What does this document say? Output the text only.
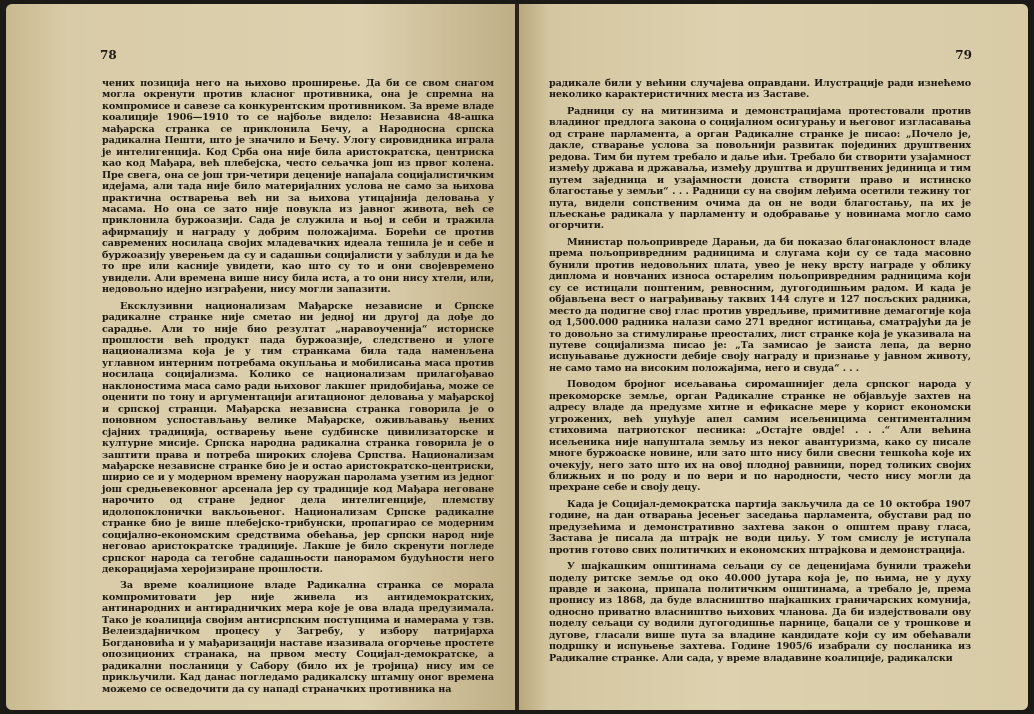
78

чених позиција него на њихово проширење. Да би се свом снагом могла окренути против класног противника, она је спремна на компромисе и савезе са конкурентским противником. За време владе коалиције 1906—1910 то се најбоље видело: Независна 48-ашка мађарска странка се приклонила Бечу, а Народносна српска радикална Пешти, што је значило и Бечу. Улогу сировидника играла је интелигенција. Код Срба она није била аристократска, центриска као код Мађара, већ плебејска, често сељачка још из првог колена. Пре свега, она се још три-четири деценије напајала социјалистичким идејама, али тада није било материјалних услова не само за њихова практична остварења већ ни за њихова утицајнија деловања у масама. Но она се зато није повукла из јавног живота, већ се приклонила буржоазији. Сада је служила и њој и себи и тражила афирмацију и награду у добрим положајима. Борећи се против савремених носилаца својих младевачких идеала тешила је и себе и буржоазију уверењем да су и садашњи социјалисти у заблуди и да ће то пре или касније увидети, као што су то и они својевремено увидели. Али времена више нису била иста, а то они нису хтели, или, недовољно идејно изграђени, нису могли запазити.

Ексклузивни национализам Мађарске независне и Српске радикалне странке није сметао ни једној ни другој да дође до сарадње. Али то није био резултат „наравоученија“ историске прошлости већ продукт пада буржоазије, следствено и улоге национализма која је у тим странкама била тада наменљена углавном интерним потребама окупљања и мобилисања маса против носилаца социјализма. Колико се национализам прилагођавао наклоностима маса само ради њиховог лакшег придобијања, може се оценити по тону и аргументацији агитационог деловања у мађарској и српској странци. Мађарска независна странка говорила је о поновном успостављању велике Мађарске, оживљавању њених сјајних традиција, остварењу њене судбинске цивилизаторске и културне мисије. Српска народна радикална странка говорила је о заштити права и потреба широких слојева Српства. Национализам мађарске независне странке био је и остао аристократско-центриски, шириo се и у модерном времену наоружан паролама узетим из једног још средњевековног арсенала јер су традиције код Мађара неговане нарочито од стране једног дела интелигенције, племству идолопоклонички вакљоњеног. Национализам Српске радикалне странке био је више плебејско-трибунски, пропагирао се модерним социјално-економским средствима обећања, јер српски народ није неговао аристократске традиције. Лакше је било скренути погледе српског народа са тегобне садашњости панорамом будућности него декорацијама херојизиране прошлости.

За време коалиционе владе Радикална странка се морала компромитовати јер није живела из антидемократских, антинародних и антирадничких мера које је ова влада предузимала. Тако је коалиција својим антисрпским поступцима и намерама у тзв. Велеиздајничком процесу у Загребу, у избору патријарха Богдановића и у мађаризацији наставе изазивала огорчење простете опозиционих странака, на првом месту Социјал-демократске, а радикални посланици у Сабору (било их је тројица) нису им се прикључили. Кад данас погледамо радикалску штампу оног времена можемо се осведочити да су нападi странaчких противника на

79

радикале били у већини случајева оправдани. Илустрације ради изнећемо неколико карактеристичних места из Заставе.

Радници су на митинзима и демонстрацијама протестовали против владиног предлога закона о социјалном осигурању и његовог изгласавања од стране парламента, а орган Радикалне странке је писао: „Почело је, дакле, стварање услова за повољнији развитак појединих друштвених редова. Тим би путем требало и даље ићи. Требало би створити узајамност између држава и државаља, између друштва и друштвених јединица и тим путем заједница и узајамности доиста створити право и истинско благостање у земљи“ . . . Радници су на својим леђима осетили тежину тог пута, видели сопственим очима да он не води благостању, па их је пљескање радикала у парламенту и одобравање у новинама могло само огорчити.

Министар пољопривреде Дарањи, да би показао благонаклоност владе према пољопривредним радницима и слугама који су се тада масовно бунили против недовољних плата, увео је неку врсту награде у облику диплома и новчаних износа остарелим пољопривредним радницима који су се истицали поштеним, ревносним, дугогодишњим радом. И када је објављена вест о награђивању таквих 144 слуге и 127 посљских радника, место да подигне свој глас против увредљиве, примитивне демагогије која од 1,500.000 радника налази само 271 вредног истицања, сматрајући да је то довољно за стимулирање преосталих, лист странке која је указивала на путеве социјализма писао је: „Та замисао је заиста лепа, да верно испуњавање дужности дебије своју награду и признање у јавном животу, не само тамо на високим положајима, него и свуда“ . . .

Поводом бројног исељавања сиромашнијег дела српског народа у прекоморске земље, орган Радикалне странке не објављује захтев на адресу владе да предузме хитне и ефикасне мере у корист економски угрожених, већ упућује апел самим исељеницима сентименталним стиховима патриотског песника: „Остајте овдје! . . .“ Али већина исељеника није напуштала земљу из неког авантуризма, како су писале многе буржоаске новине, или зато што нису били свесни тешкоћа које их очекују, него зато што их на овој плодној равници, поред толиких својих ближњих и по роду и по вери и по народности, честo нису могли да прехране себе и своју децу.

Када је Социјал-демократска партија закључила да се 10 октобра 1907 године, на дан отварања јесењег заседања парламента, обустави рад по предузећима и демонстративно захтева закон о општем праву гласа, Застава је писала да штрајк не води циљу. У том смислу је иступала против готово свих политичких и економских штрајкова и демонстрација.

У шајкашким општинама сељаци су се деценијама бунили тражећи поделу ритске земље од око 40.000 јутара која је, по њима, не у духу правде и закона, припала политичким општинама, а требало је, према пропису из 1868, да буде власништво шајкашких граничарских комунија, односно приватно власништво њихових чланова. Да би издејствовали ову поделу сељаци су водили дугогодишње парнице, бацали се у трошкове и дугове, гласали више пута за владине кандидате који су им обећавали подршку и испуњење захтева. Године 1905/6 изабрали су посланика из Радикалне странке. Али сада, у време владавине коалиције, радикалски
